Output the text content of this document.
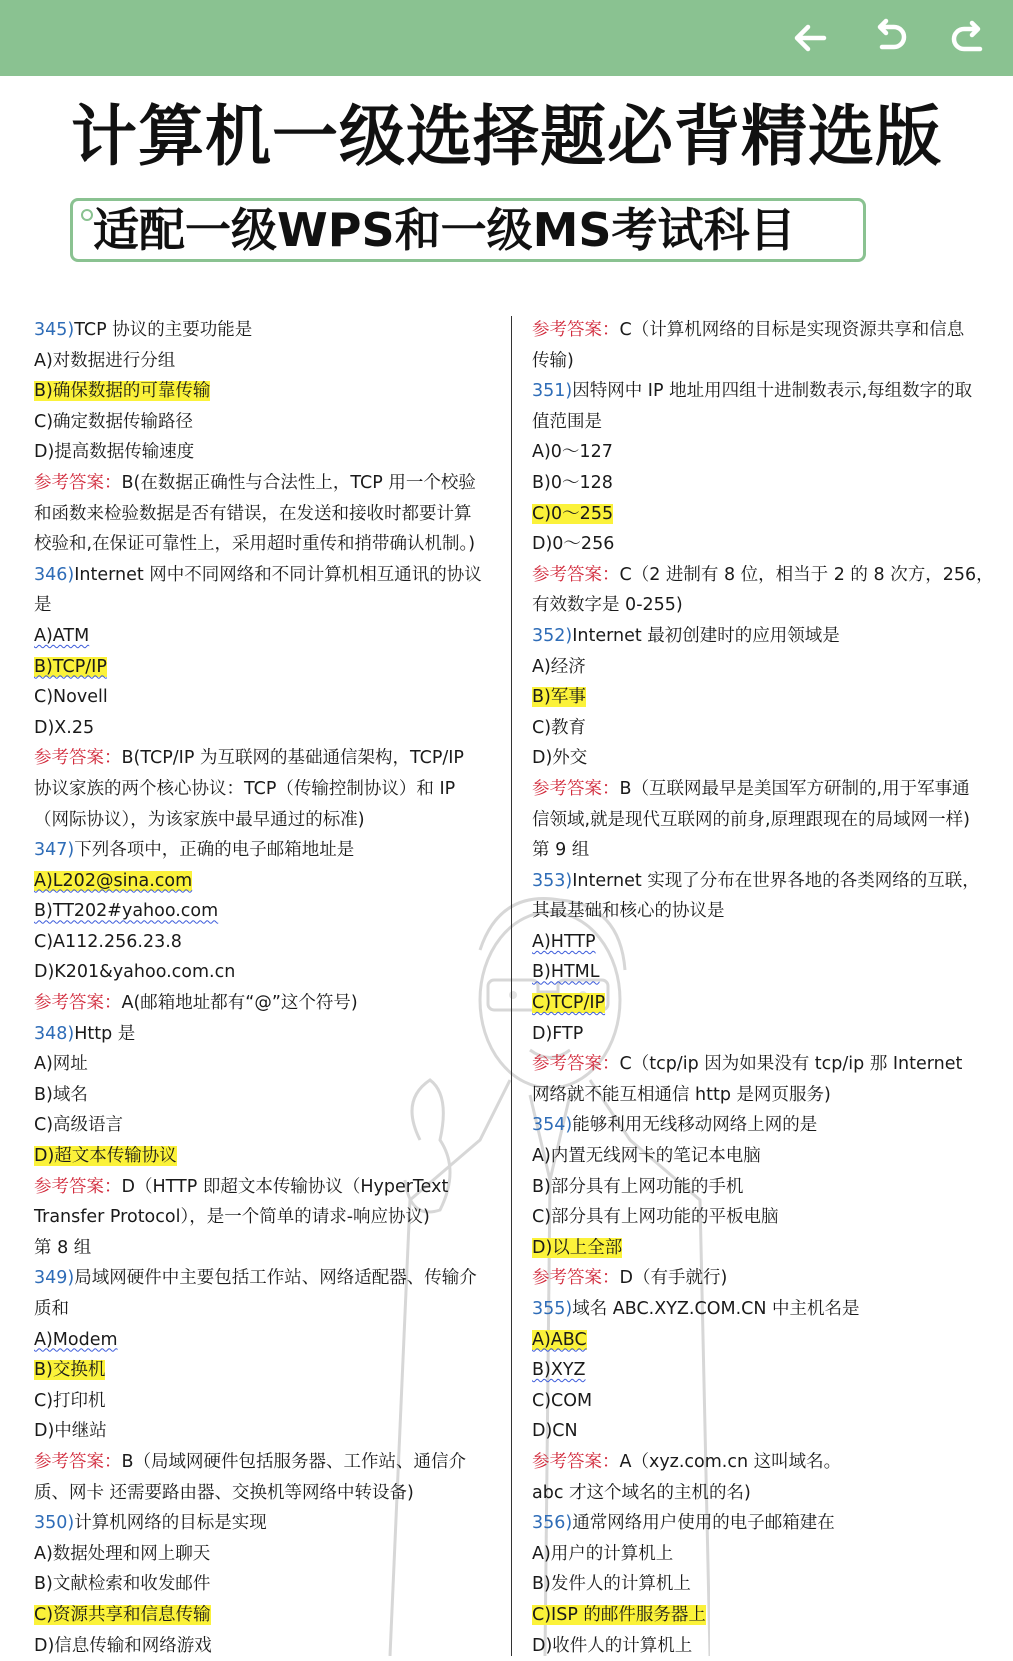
计算机一级选择题必背精选版
适配一级WPS和一级MS考试科目
345)TCP 协议的主要功能是
A)对数据进行分组
B)确保数据的可靠传输
C)确定数据传输路径
D)提高数据传输速度
参考答案：B(在数据正确性与合法性上，TCP 用一个校验
和函数来检验数据是否有错误，在发送和接收时都要计算
校验和,在保证可靠性上，采用超时重传和捎带确认机制。)
346)Internet 网中不同网络和不同计算机相互通讯的协议
是
A)ATM
B)TCP/IP
C)Novell
D)X.25
参考答案：B(TCP/IP 为互联网的基础通信架构，TCP/IP
协议家族的两个核心协议：TCP（传输控制协议）和 IP
（网际协议），为该家族中最早通过的标准)
347)下列各项中，正确的电子邮箱地址是
A)L202@sina.com
B)TT202#yahoo.com
C)A112.256.23.8
D)K201&yahoo.com.cn
参考答案：A(邮箱地址都有“@”这个符号)
348)Http 是
A)网址
B)域名
C)高级语言
D)超文本传输协议
参考答案：D（HTTP 即超文本传输协议（HyperText
Transfer Protocol），是一个简单的请求-响应协议)
第 8 组
349)局域网硬件中主要包括工作站、网络适配器、传输介
质和
A)Modem
B)交换机
C)打印机
D)中继站
参考答案：B（局域网硬件包括服务器、工作站、通信介
质、网卡 还需要路由器、交换机等网络中转设备)
350)计算机网络的目标是实现
A)数据处理和网上聊天
B)文献检索和收发邮件
C)资源共享和信息传输
D)信息传输和网络游戏
参考答案：C（计算机网络的目标是实现资源共享和信息
传输)
351)因特网中 IP 地址用四组十进制数表示,每组数字的取
值范围是
A)0～127
B)0～128
C)0～255
D)0～256
参考答案：C（2 进制有 8 位，相当于 2 的 8 次方，256，
有效数字是 0-255)
352)Internet 最初创建时的应用领域是
A)经济
B)军事
C)教育
D)外交
参考答案：B（互联网最早是美国军方研制的,用于军事通
信领域,就是现代互联网的前身,原理跟现在的局域网一样)
第 9 组
353)Internet 实现了分布在世界各地的各类网络的互联，
其最基础和核心的协议是
A)HTTP
B)HTML
C)TCP/IP
D)FTP
参考答案：C（tcp/ip 因为如果没有 tcp/ip 那 Internet
网络就不能互相通信 http 是网页服务)
354)能够利用无线移动网络上网的是
A)内置无线网卡的笔记本电脑
B)部分具有上网功能的手机
C)部分具有上网功能的平板电脑
D)以上全部
参考答案：D（有手就行)
355)域名 ABC.XYZ.COM.CN 中主机名是
A)ABC
B)XYZ
C)COM
D)CN
参考答案：A（xyz.com.cn 这叫域名。
abc 才这个域名的主机的名)
356)通常网络用户使用的电子邮箱建在
A)用户的计算机上
B)发件人的计算机上
C)ISP 的邮件服务器上
D)收件人的计算机上
